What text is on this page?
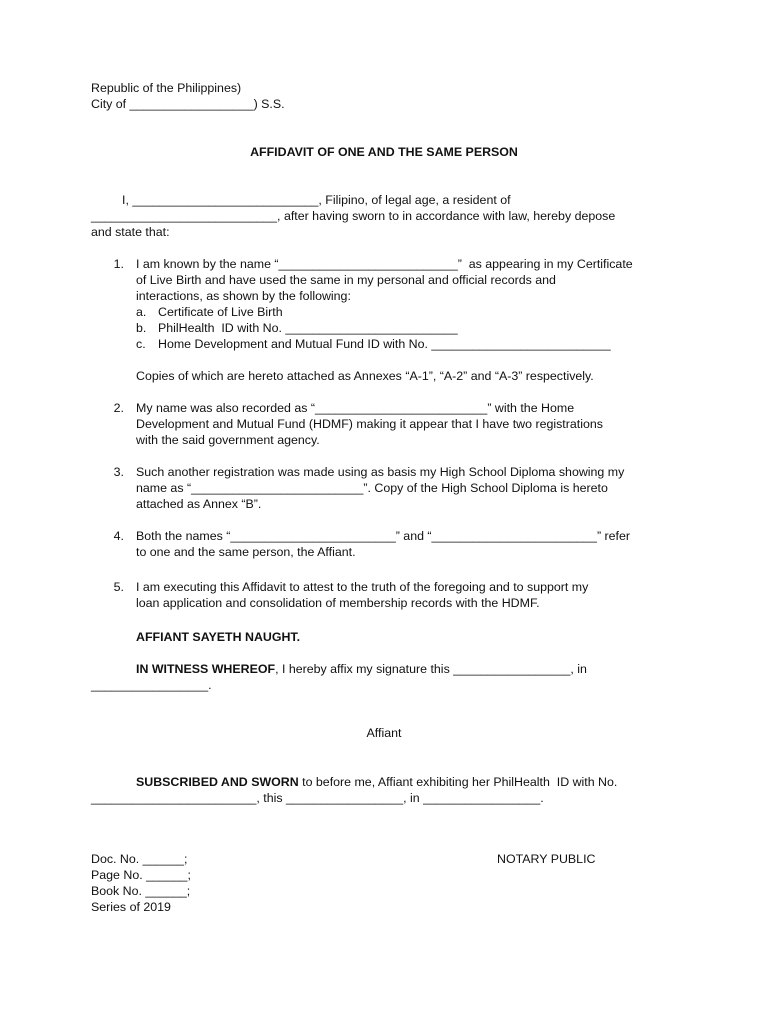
Republic of the Philippines)
City of __________________) S.S.
AFFIDAVIT OF ONE AND THE SAME PERSON
I, ___________________________, Filipino, of legal age, a resident of
___________________________, after having sworn to in accordance with law, hereby depose
and state that:
1. I am known by the name “__________________________”  as appearing in my Certificate
of Live Birth and have used the same in my personal and official records and
interactions, as shown by the following:
a. Certificate of Live Birth
b. PhilHealth  ID with No. _________________________
c. Home Development and Mutual Fund ID with No. __________________________
Copies of which are hereto attached as Annexes “A-1”, “A-2” and “A-3” respectively.
2. My name was also recorded as “_________________________” with the Home
Development and Mutual Fund (HDMF) making it appear that I have two registrations
with the said government agency.
3. Such another registration was made using as basis my High School Diploma showing my
name as “_________________________”. Copy of the High School Diploma is hereto
attached as Annex “B”.
4. Both the names “________________________” and “________________________” refer
to one and the same person, the Affiant.
5. I am executing this Affidavit to attest to the truth of the foregoing and to support my
loan application and consolidation of membership records with the HDMF.
AFFIANT SAYETH NAUGHT.
IN WITNESS WHEREOF, I hereby affix my signature this _________________, in
_________________.
Affiant
SUBSCRIBED AND SWORN to before me, Affiant exhibiting her PhilHealth  ID with No.
________________________, this _________________, in _________________.
Doc. No. ______;	NOTARY PUBLIC
Page No. ______;
Book No. ______;
Series of 2019
